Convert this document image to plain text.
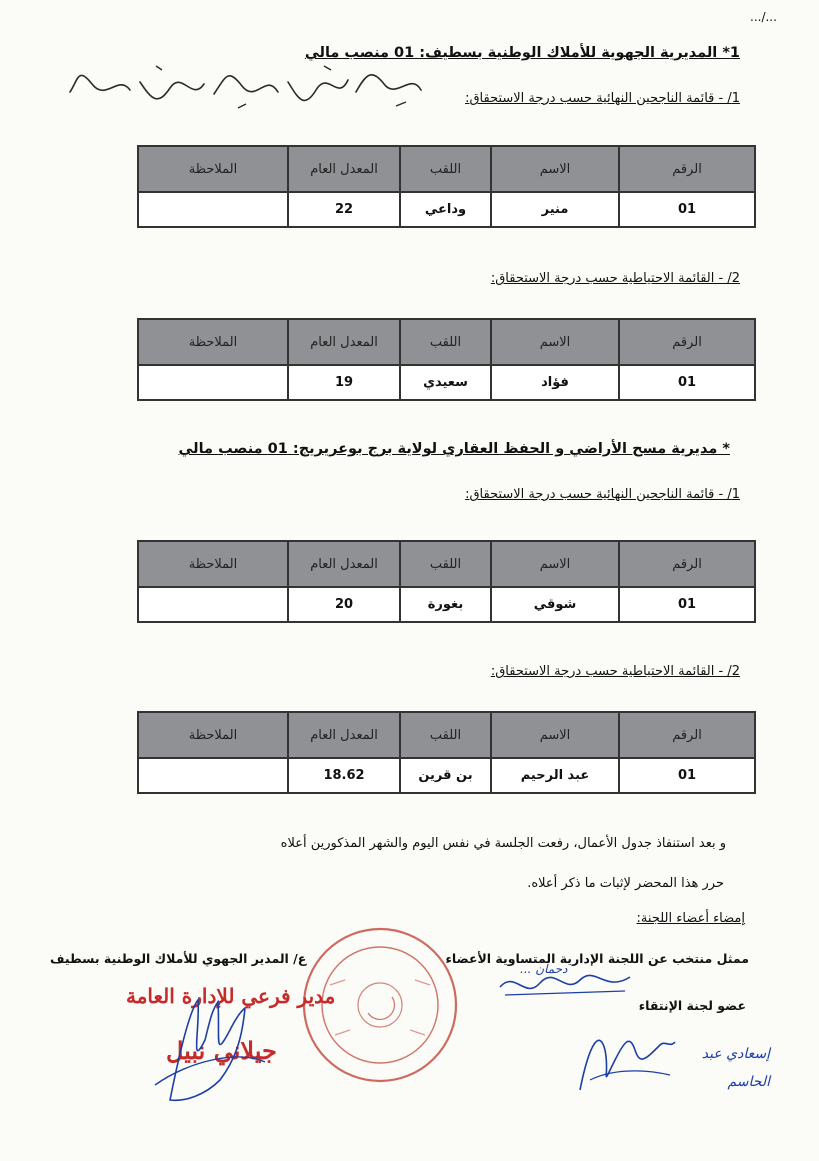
.../...
1* المديرية الجهوية للأملاك الوطنية بسطيف: 01 منصب مالي
1/ - قائمة الناجحين النهائية حسب درجة الاستحقاق:
الرقم	الاسم	اللقب	المعدل العام	الملاحظة
01	منير	وداعي	22	
2/ - القائمة الاحتياطية حسب درجة الاستحقاق:
الرقم	الاسم	اللقب	المعدل العام	الملاحظة
01	فؤاد	سعيدي	19	
* مديرية مسح الأراضي و الحفظ العقاري لولاية برج بوعريريج: 01 منصب مالي
1/ - قائمة الناجحين النهائية حسب درجة الاستحقاق:
الرقم	الاسم	اللقب	المعدل العام	الملاحظة
01	شوقي	بغورة	20	
2/ - القائمة الاحتياطية حسب درجة الاستحقاق:
الرقم	الاسم	اللقب	المعدل العام	الملاحظة
01	عبد الرحيم	بن قرين	18.62	
و بعد استنفاذ جدول الأعمال، رفعت الجلسة في نفس اليوم والشهر المذكورين أعلاه
حرر هذا المحضر لإثبات ما ذكر أعلاه.
إمضاء أعضاء اللجنة:
ممثل منتخب عن اللجنة الإدارية المتساوية الأعضاء
ع/ المدير الجهوي للأملاك الوطنية بسطيف
عضو لجنة الإنتقاء
مدير فرعي للإدارة العامة
جيلاني نبيل
دحمان ...
إسعادي عبد الحاسم
